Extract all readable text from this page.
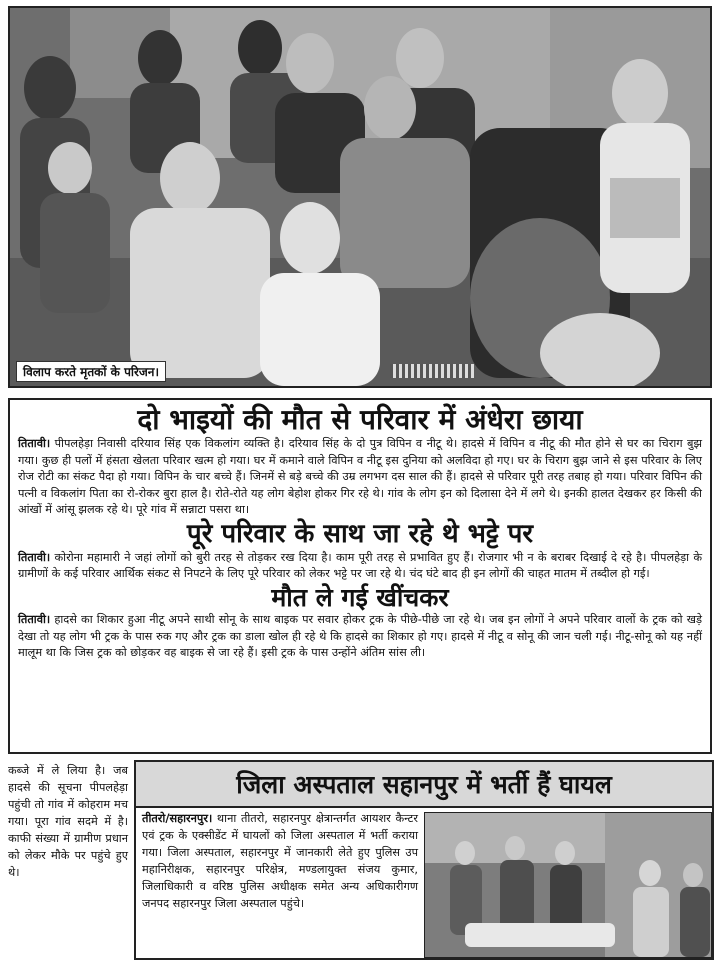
विलाप करते मृतकों के परिजन।
दो भाइयों की मौत से परिवार में अंधेरा छाया

तितावी। पीपलहेड़ा निवासी दरियाव सिंह एक विकलांग व्यक्ति है। दरियाव सिंह के दो पुत्र विपिन व नीटू थे। हादसे में विपिन व नीटू की मौत होने से घर का चिराग बुझ गया। कुछ ही पलों में हंसता खेलता परिवार खत्म हो गया। घर में कमाने वाले विपिन व नीटू इस दुनिया को अलविदा हो गए। घर के चिराग बुझ जाने से इस परिवार के लिए रोज रोटी का संकट पैदा हो गया। विपिन के चार बच्चे हैं। जिनमें से बड़े बच्चे की उम्र लगभग दस साल की हैं। हादसे से परिवार पूरी तरह तबाह हो गया। परिवार विपिन की पत्नी व विकलांग पिता का रो-रोकर बुरा हाल है। रोते-रोते यह लोग बेहोश होकर गिर रहे थे। गांव के लोग इन को दिलासा देने में लगे थे। इनकी हालत देखकर हर किसी की आंखों में आंसू झलक रहे थे। पूरे गांव में सन्नाटा पसरा था।

पूरे परिवार के साथ जा रहे थे भट्टे पर

तितावी। कोरोना महामारी ने जहां लोगों को बुरी तरह से तोड़कर रख दिया है। काम पूरी तरह से प्रभावित हुए हैं। रोजगार भी न के बराबर दिखाई दे रहे है। पीपलहेड़ा के ग्रामीणों के कई परिवार आर्थिक संकट से निपटने के लिए पूरे परिवार को लेकर भट्टे पर जा रहे थे। चंद घंटे बाद ही इन लोगों की चाहत मातम में तब्दील हो गई।

मौत ले गई खींचकर

तितावी। हादसे का शिकार हुआ नीटू अपने साथी सोनू के साथ बाइक पर सवार होकर ट्रक के पीछे-पीछे जा रहे थे। जब इन लोगों ने अपने परिवार वालों के ट्रक को खड़े देखा तो यह लोग भी ट्रक के पास रुक गए और ट्रक का डाला खोल ही रहे थे कि हादसे का शिकार हो गए। हादसे में नीटू व सोनू की जान चली गई। नीटू-सोनू को यह नहीं मालूम था कि जिस ट्रक को छोड़कर वह बाइक से जा रहे हैं। इसी ट्रक के पास उन्होंने अंतिम सांस ली।

कब्जे में ले लिया है। जब हादसे की सूचना पीपलहेड़ा पहुंची तो गांव में कोहराम मच गया। पूरा गांव सदमे में है। काफी संख्या में ग्रामीण प्रधान को लेकर मौके पर पहुंचे हुए थे।
जिला अस्पताल सहानपुर में भर्ती हैं घायल
तीतरो/सहारनपुर। थाना तीतरो, सहारनपुर क्षेत्रान्तर्गत आयशर कैन्टर एवं ट्रक के एक्सीडेंट में घायलों को जिला अस्पताल में भर्ती कराया गया। जिला अस्पताल, सहारनपुर में जानकारी लेते हुए पुलिस उप महानिरीक्षक, सहारनपुर परिक्षेत्र, मण्डलायुक्त संजय कुमार, जिलाधिकारी व वरिष्ठ पुलिस अधीक्षक समेत अन्य अधिकारीगण जनपद सहारनपुर जिला अस्पताल पहुंचे।
